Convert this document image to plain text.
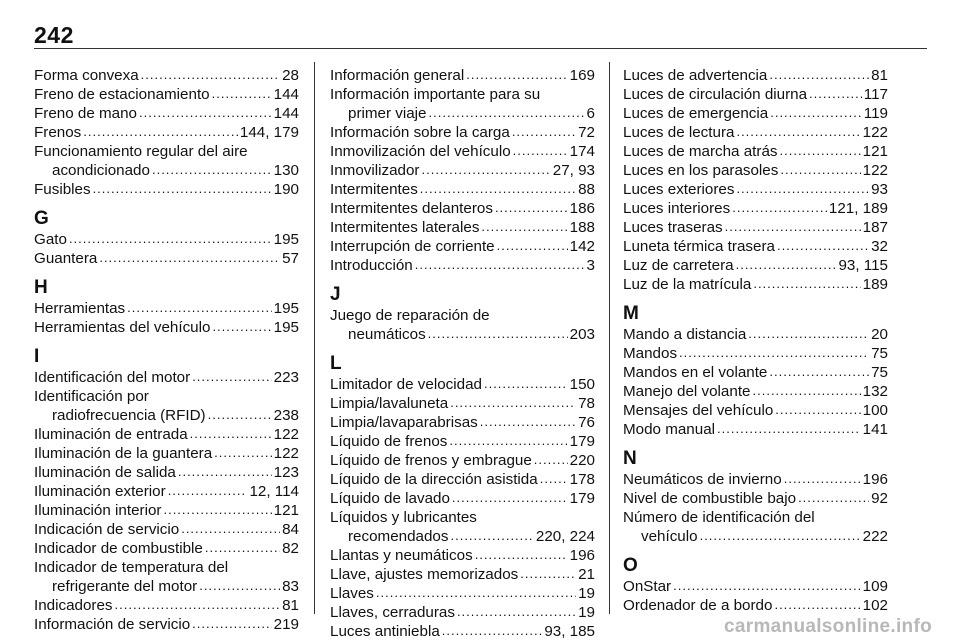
242
Forma convexa .....	28
Freno de estacionamiento .....	144
Freno de mano .....	144
Frenos .....	144, 179
Funcionamiento regular del aire
acondicionado .....	130
Fusibles .....	190
G
Gato .....	195
Guantera .....	57
H
Herramientas .....	195
Herramientas del vehículo .....	195
I
Identificación del motor .....	223
Identificación por
radiofrecuencia (RFID) .....	238
Iluminación de entrada .....	122
Iluminación de la guantera .....	122
Iluminación de salida .....	123
Iluminación exterior .....	12, 114
Iluminación interior .....	121
Indicación de servicio .....	84
Indicador de combustible .....	82
Indicador de temperatura del
refrigerante del motor .....	83
Indicadores .....	81
Información de servicio .....	219
Información general .....	169
Información importante para su
primer viaje .....	6
Información sobre la carga .....	72
Inmovilización del vehículo .....	174
Inmovilizador .....	27, 93
Intermitentes .....	88
Intermitentes delanteros .....	186
Intermitentes laterales .....	188
Interrupción de corriente .....	142
Introducción .....	3
J
Juego de reparación de
neumáticos .....	203
L
Limitador de velocidad .....	150
Limpia/lavaluneta .....	78
Limpia/lavaparabrisas .....	76
Líquido de frenos .....	179
Líquido de frenos y embrague ..... 220
Líquido de la dirección asistida ..... 178
Líquido de lavado .....	179
Líquidos y lubricantes
recomendados .....	220, 224
Llantas y neumáticos .....	196
Llave, ajustes memorizados .....	21
Llaves .....	19
Llaves, cerraduras .....	19
Luces antiniebla .....	93, 185
Luces de advertencia .....	81
Luces de circulación diurna .....	117
Luces de emergencia .....	119
Luces de lectura .....	122
Luces de marcha atrás .....	121
Luces en los parasoles .....	122
Luces exteriores .....	93
Luces interiores .....	121, 189
Luces traseras .....	187
Luneta térmica trasera .....	32
Luz de carretera .....	93, 115
Luz de la matrícula .....	189
M
Mando a distancia .....	20
Mandos .....	75
Mandos en el volante .....	75
Manejo del volante .....	132
Mensajes del vehículo .....	100
Modo manual .....	141
N
Neumáticos de invierno .....	196
Nivel de combustible bajo .....	92
Número de identificación del
vehículo .....	222
O
OnStar .....	109
Ordenador de a bordo .....	102
carmanualsonline.info
